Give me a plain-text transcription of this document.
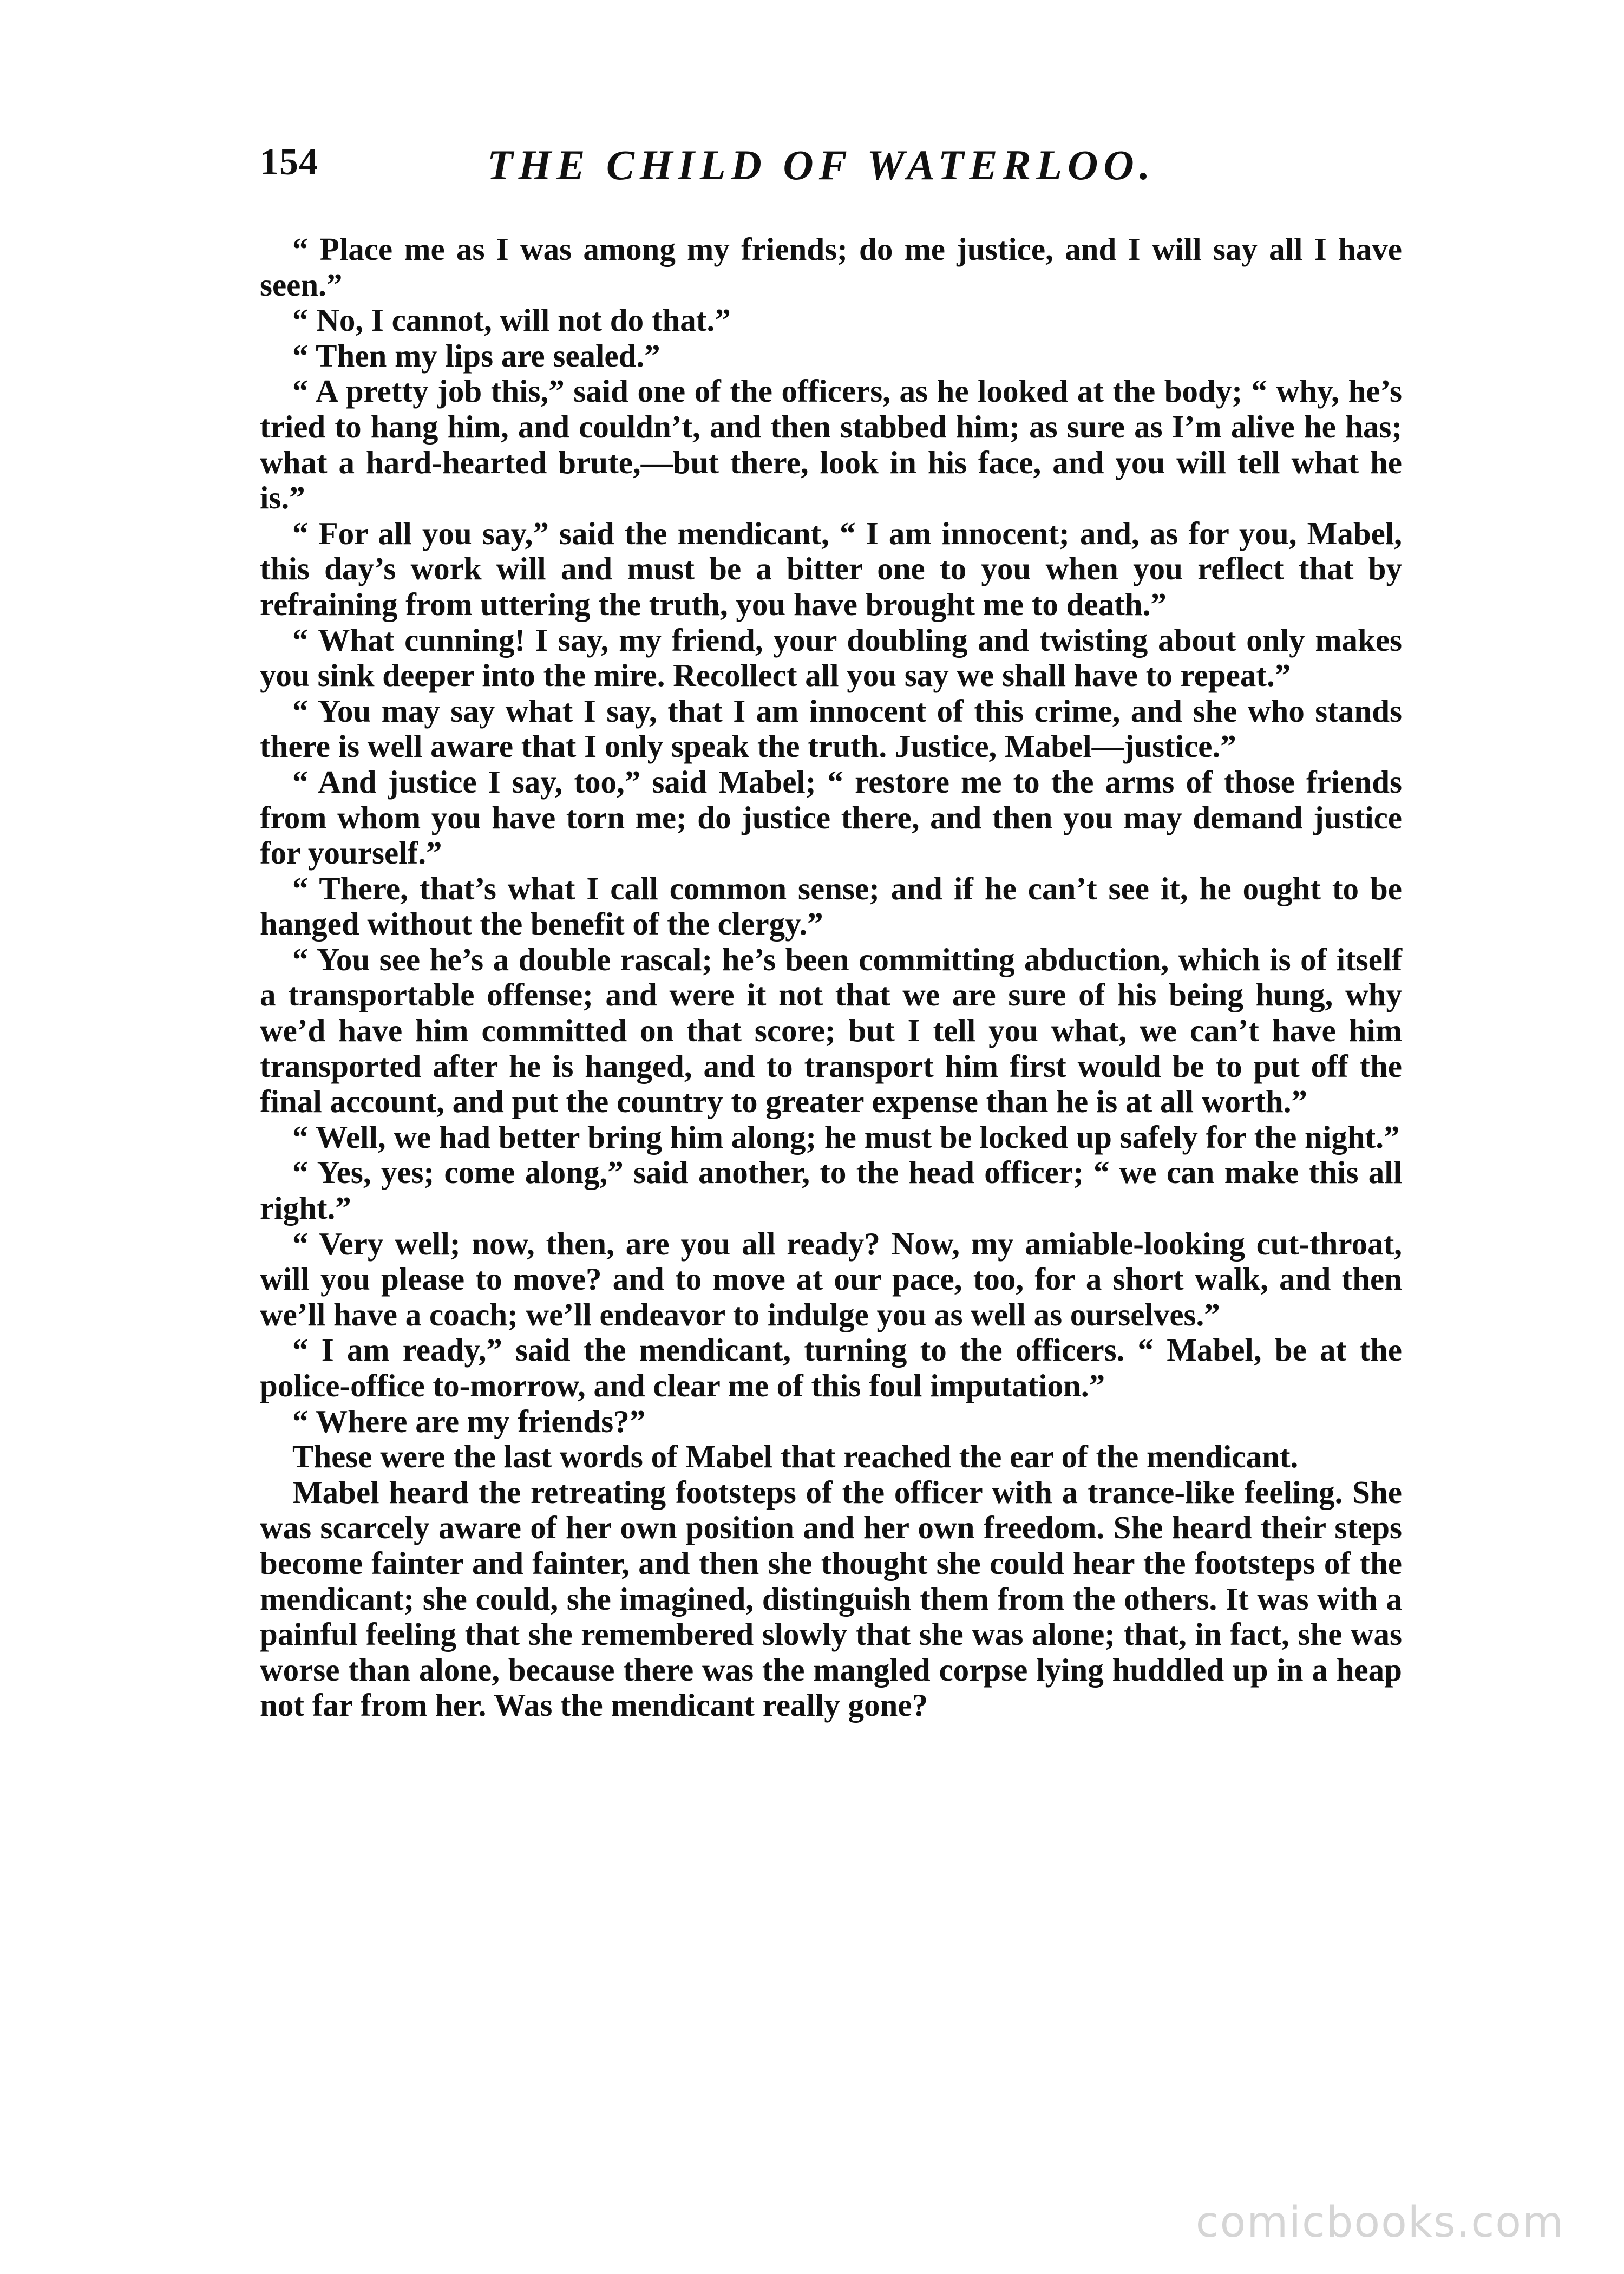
154	THE CHILD OF WATERLOO.

“ Place me as I was among my friends; do me justice, and I will say all I have seen.”

“ No, I cannot, will not do that.”

“ Then my lips are sealed.”

“ A pretty job this,” said one of the officers, as he looked at the body; “ why, he’s tried to hang him, and couldn’t, and then stabbed him; as sure as I’m alive he has; what a hard-hearted brute,—but there, look in his face, and you will tell what he is.”

“ For all you say,” said the mendicant, “ I am innocent; and, as for you, Mabel, this day’s work will and must be a bitter one to you when you reflect that by refraining from uttering the truth, you have brought me to death.”

“ What cunning! I say, my friend, your doubling and twisting about only makes you sink deeper into the mire. Recollect all you say we shall have to repeat.”

“ You may say what I say, that I am innocent of this crime, and she who stands there is well aware that I only speak the truth. Justice, Mabel—justice.”

“ And justice I say, too,” said Mabel; “ restore me to the arms of those friends from whom you have torn me; do justice there, and then you may demand justice for yourself.”

“ There, that’s what I call common sense; and if he can’t see it, he ought to be hanged without the benefit of the clergy.”

“ You see he’s a double rascal; he’s been committing abduction, which is of itself a transportable offense; and were it not that we are sure of his being hung, why we’d have him committed on that score; but I tell you what, we can’t have him transported after he is hanged, and to transport him first would be to put off the final account, and put the country to greater expense than he is at all worth.”

“ Well, we had better bring him along; he must be locked up safely for the night.”

“ Yes, yes; come along,” said another, to the head officer; “ we can make this all right.”

“ Very well; now, then, are you all ready? Now, my amiable-looking cut-throat, will you please to move? and to move at our pace, too, for a short walk, and then we’ll have a coach; we’ll endeavor to indulge you as well as ourselves.”

“ I am ready,” said the mendicant, turning to the officers. “ Mabel, be at the police-office to-morrow, and clear me of this foul imputation.”

“ Where are my friends?”

These were the last words of Mabel that reached the ear of the mendicant.

Mabel heard the retreating footsteps of the officer with a trance-like feeling. She was scarcely aware of her own position and her own freedom. She heard their steps become fainter and fainter, and then she thought she could hear the footsteps of the mendicant; she could, she imagined, distinguish them from the others. It was with a painful feeling that she remembered slowly that she was alone; that, in fact, she was worse than alone, because there was the mangled corpse lying huddled up in a heap not far from her. Was the mendicant really gone?

comicbooks.com
